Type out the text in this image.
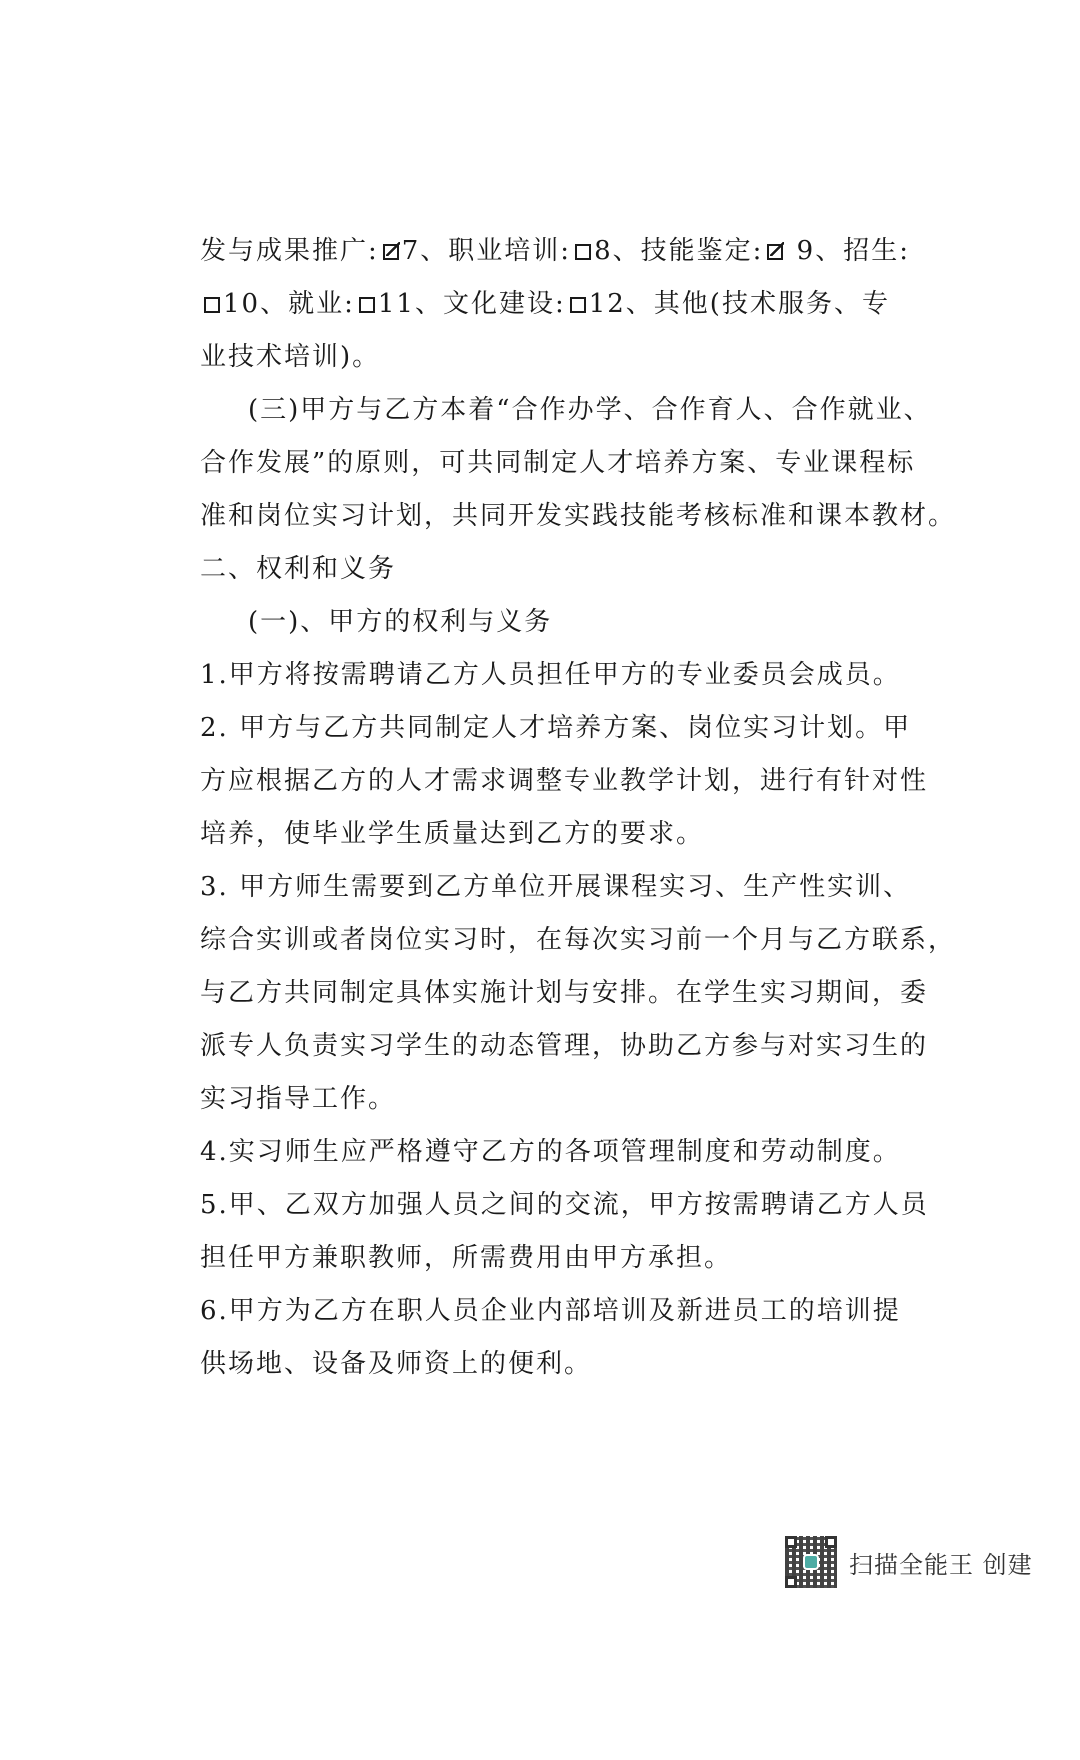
发与成果推广: 7、职业培训: 8、技能鉴定: 9、招生:
10、就业: 11、文化建设: 12、其他(技术服务、专
业技术培训)。
(三)甲方与乙方本着“合作办学、合作育人、合作就业、
合作发展”的原则，可共同制定人才培养方案、专业课程标
准和岗位实习计划，共同开发实践技能考核标准和课本教材。
二、权利和义务
(一)、甲方的权利与义务
1.甲方将按需聘请乙方人员担任甲方的专业委员会成员。
2. 甲方与乙方共同制定人才培养方案、岗位实习计划。甲
方应根据乙方的人才需求调整专业教学计划，进行有针对性
培养，使毕业学生质量达到乙方的要求。
3. 甲方师生需要到乙方单位开展课程实习、生产性实训、
综合实训或者岗位实习时，在每次实习前一个月与乙方联系，
与乙方共同制定具体实施计划与安排。在学生实习期间，委
派专人负责实习学生的动态管理，协助乙方参与对实习生的
实习指导工作。
4.实习师生应严格遵守乙方的各项管理制度和劳动制度。
5.甲、乙双方加强人员之间的交流，甲方按需聘请乙方人员
担任甲方兼职教师，所需费用由甲方承担。
6.甲方为乙方在职人员企业内部培训及新进员工的培训提
供场地、设备及师资上的便利。
扫描全能王 创建
